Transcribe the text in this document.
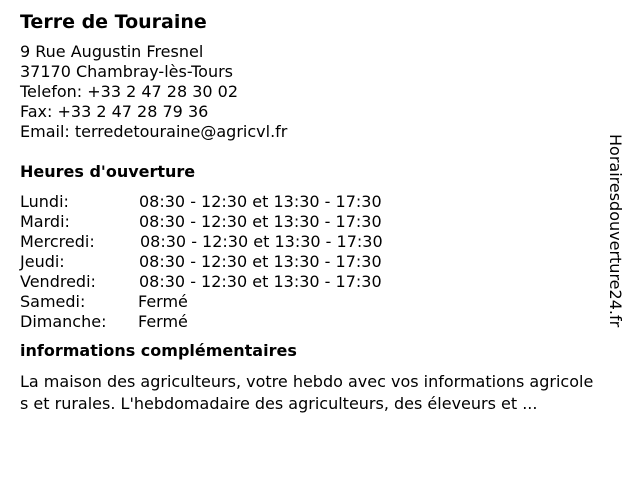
Terre de Touraine
9 Rue Augustin Fresnel
37170 Chambray-lès-Tours
Telefon: +33 2 47 28 30 02
Fax: +33 2 47 28 79 36
Email: terredetouraine@agricvl.fr
Heures d'ouverture
Lundi:	08:30 - 12:30 et 13:30 - 17:30
Mardi:	08:30 - 12:30 et 13:30 - 17:30
Mercredi:	08:30 - 12:30 et 13:30 - 17:30
Jeudi:	08:30 - 12:30 et 13:30 - 17:30
Vendredi:	08:30 - 12:30 et 13:30 - 17:30
Samedi:	Fermé
Dimanche: Fermé
informations complémentaires

La maison des agriculteurs, votre hebdo avec vos informations agricoles et rurales. L'hebdomadaire des agriculteurs, des éleveurs et ...

Horairesdouverture24.fr
